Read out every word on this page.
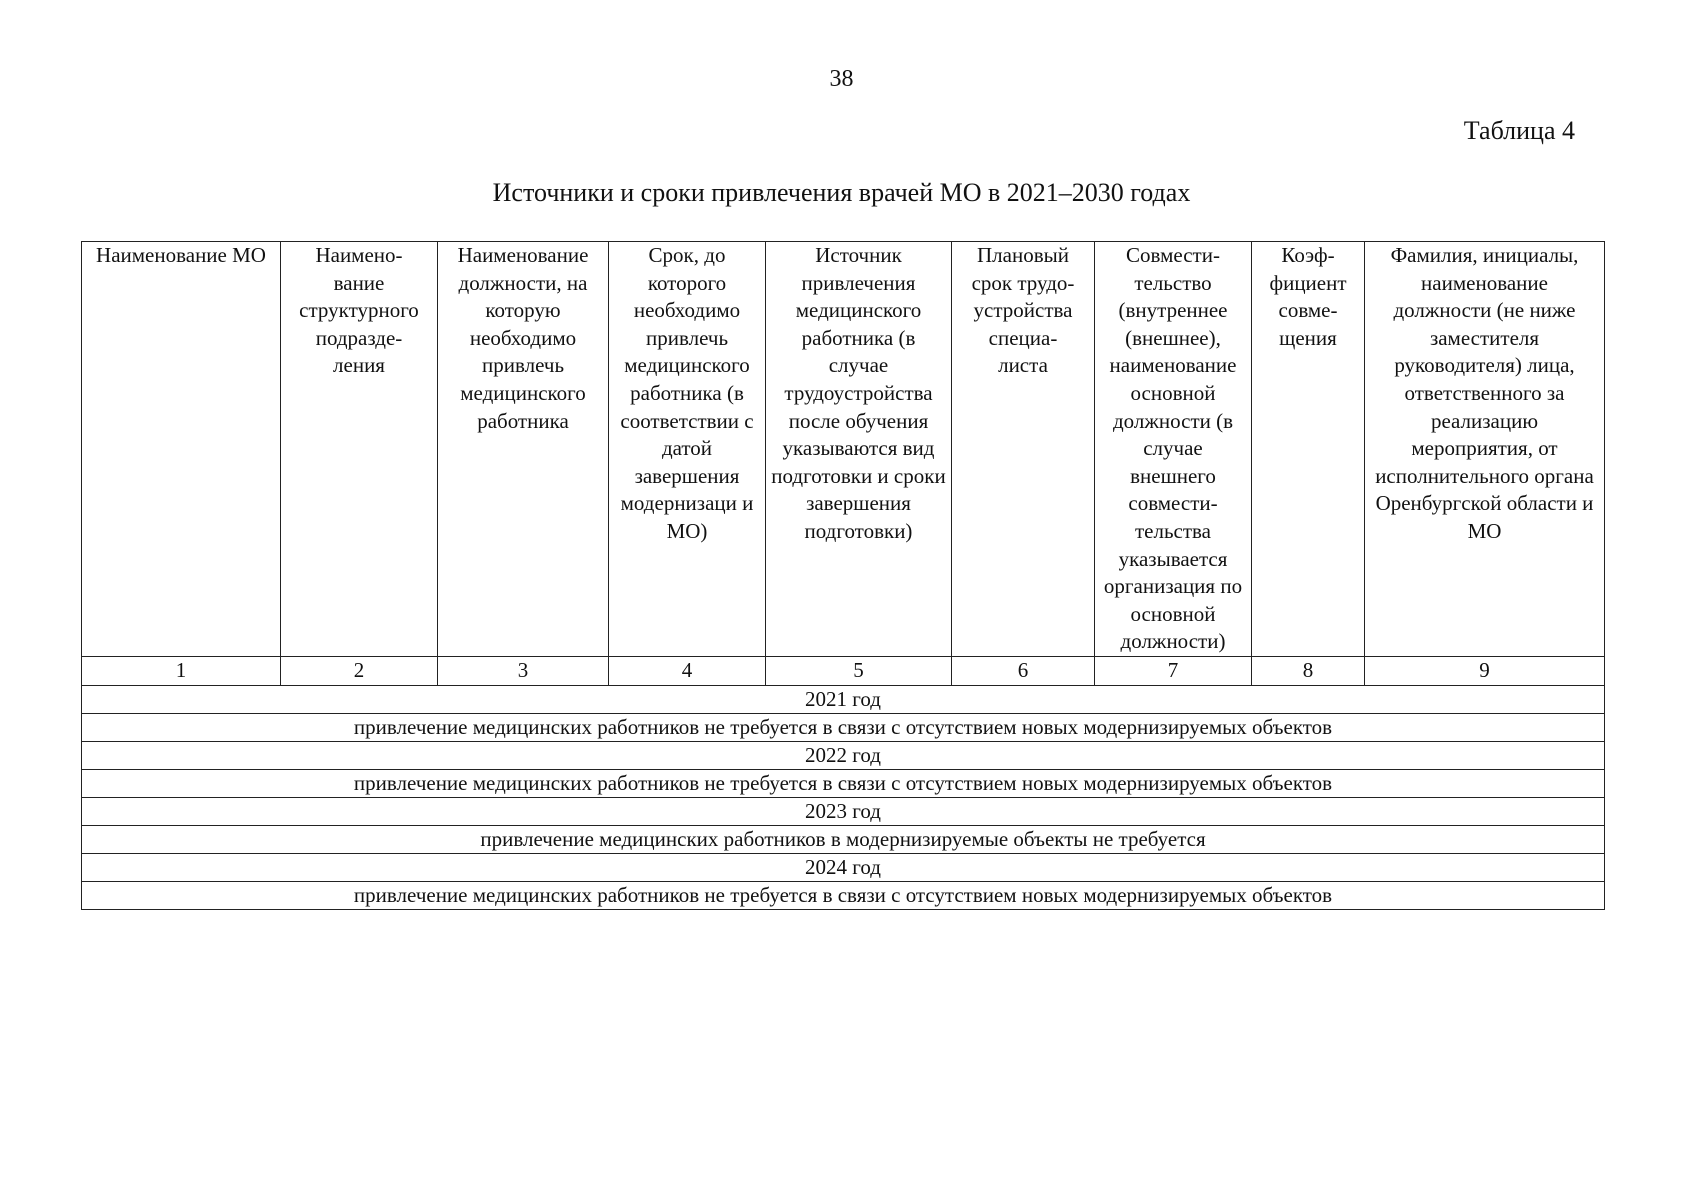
38
Таблица 4
Источники и сроки привлечения врачей МО в 2021–2030 годах
Наименование МО	Наимено-вание структурного подразде-ления	Наименование должности, на которую необходимо привлечь медицинского работника	Срок, до которого необходимо привлечь медицинского работника (в соответствии с датой завершения модернизаци и МО)	Источник привлечения медицинского работника (в случае трудоустройства после обучения указываются вид подготовки и сроки завершения подготовки)	Плановый срок трудо-устройства специа-листа	Совмести-тельство (внутреннее (внешнее), наименование основной должности (в случае внешнего совмести-тельства указывается организация по основной должности)	Коэф-фициент совме-щения	Фамилия, инициалы, наименование должности (не ниже заместителя руководителя) лица, ответственного за реализацию мероприятия, от исполнительного органа Оренбургской области и МО

1	2	3	4	5	6	7	8	9
2021 год								
привлечение медицинских работников не требуется в связи с отсутствием новых модернизируемых объектов								
2022 год								
привлечение медицинских работников не требуется в связи с отсутствием новых модернизируемых объектов								
2023 год								
привлечение медицинских работников в модернизируемые объекты не требуется								
2024 год								
привлечение медицинских работников не требуется в связи с отсутствием новых модернизируемых объектов								
